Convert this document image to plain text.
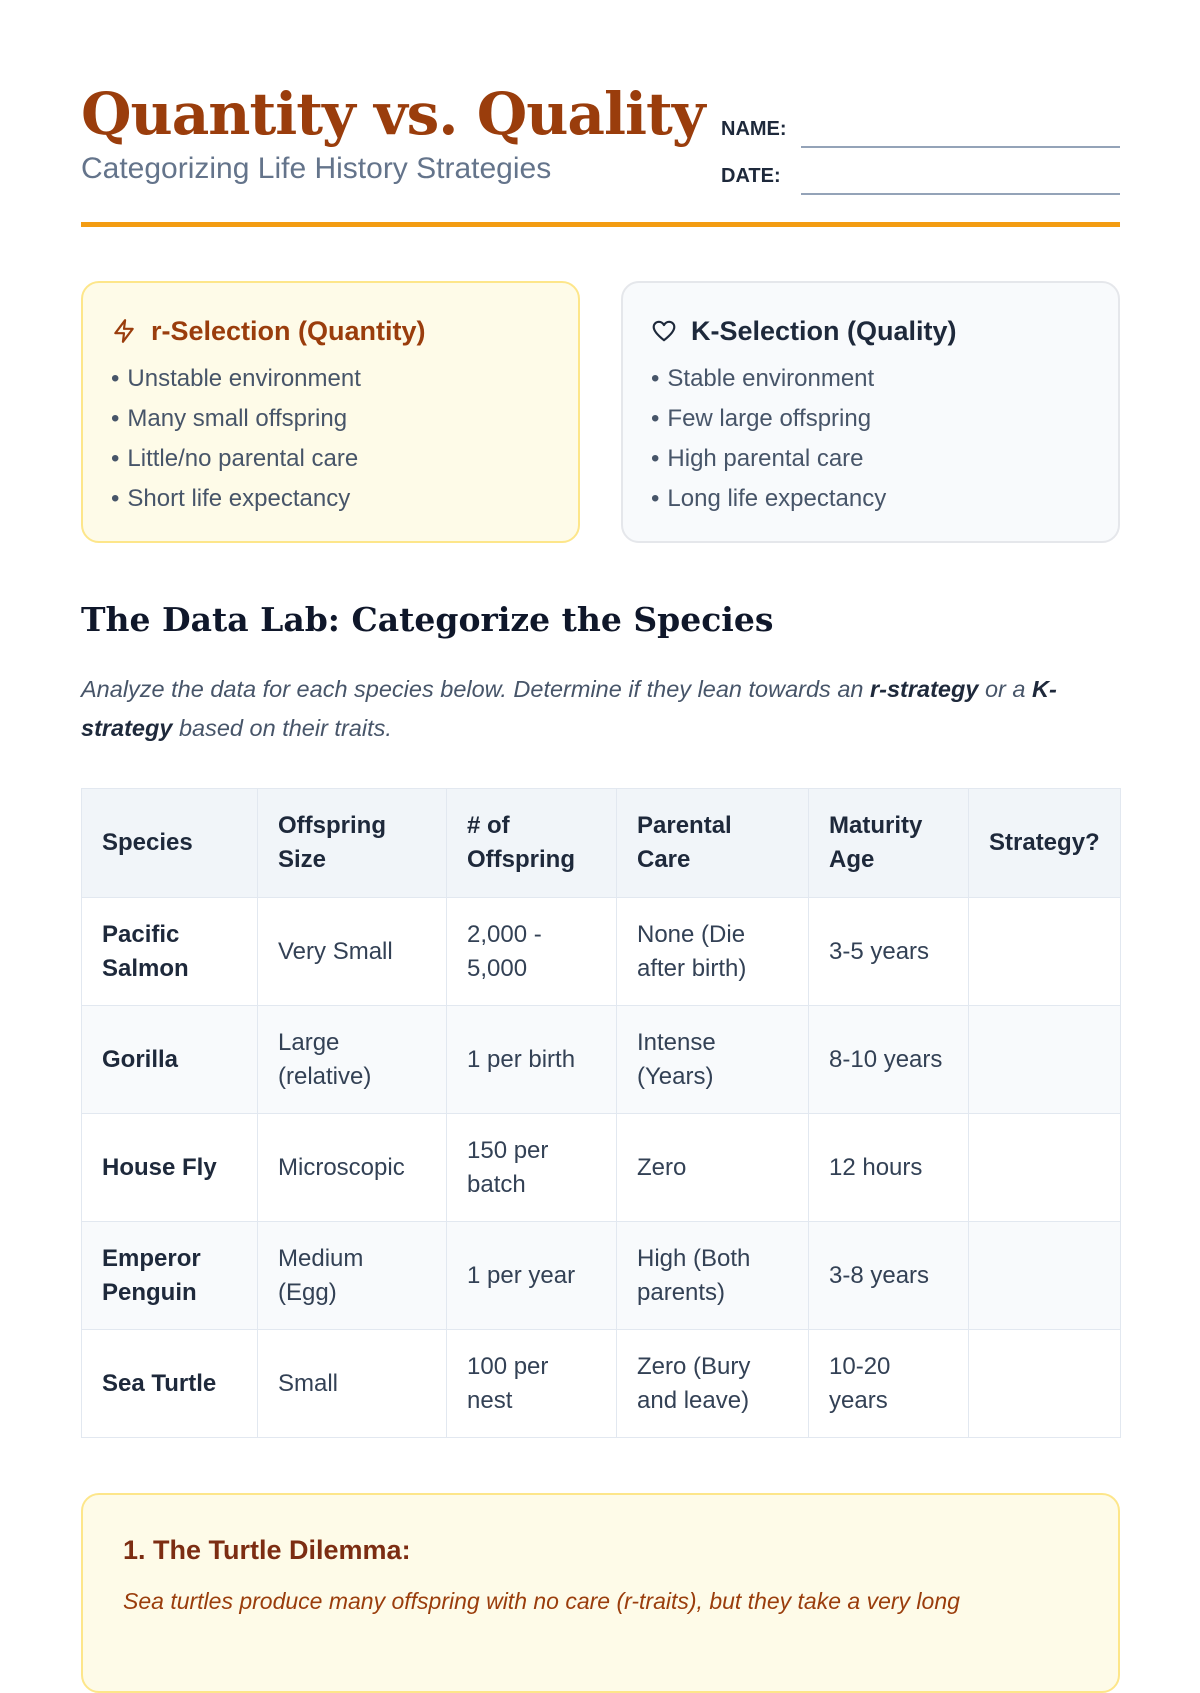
Quantity vs. Quality
Categorizing Life History Strategies
NAME:
DATE:
r-Selection (Quantity)
• Unstable environment
• Many small offspring
• Little/no parental care
• Short life expectancy
K-Selection (Quality)
• Stable environment
• Few large offspring
• High parental care
• Long life expectancy
The Data Lab: Categorize the Species

Analyze the data for each species below. Determine if they lean towards an r-strategy or a K-strategy based on their traits.

Species	Offspring Size	# of Offspring	Parental Care	Maturity Age	Strategy?
Pacific Salmon	Very Small	2,000 - 5,000	None (Die after birth)	3-5 years	
Gorilla	Large (relative)	1 per birth	Intense (Years)	8-10 years	
House Fly	Microscopic	150 per batch	Zero	12 hours	
Emperor Penguin	Medium (Egg)	1 per year	High (Both parents)	3-8 years	
Sea Turtle	Small	100 per nest	Zero (Bury and leave)	10-20 years	
1. The Turtle Dilemma:
Sea turtles produce many offspring with no care (r-traits), but they take a very long
